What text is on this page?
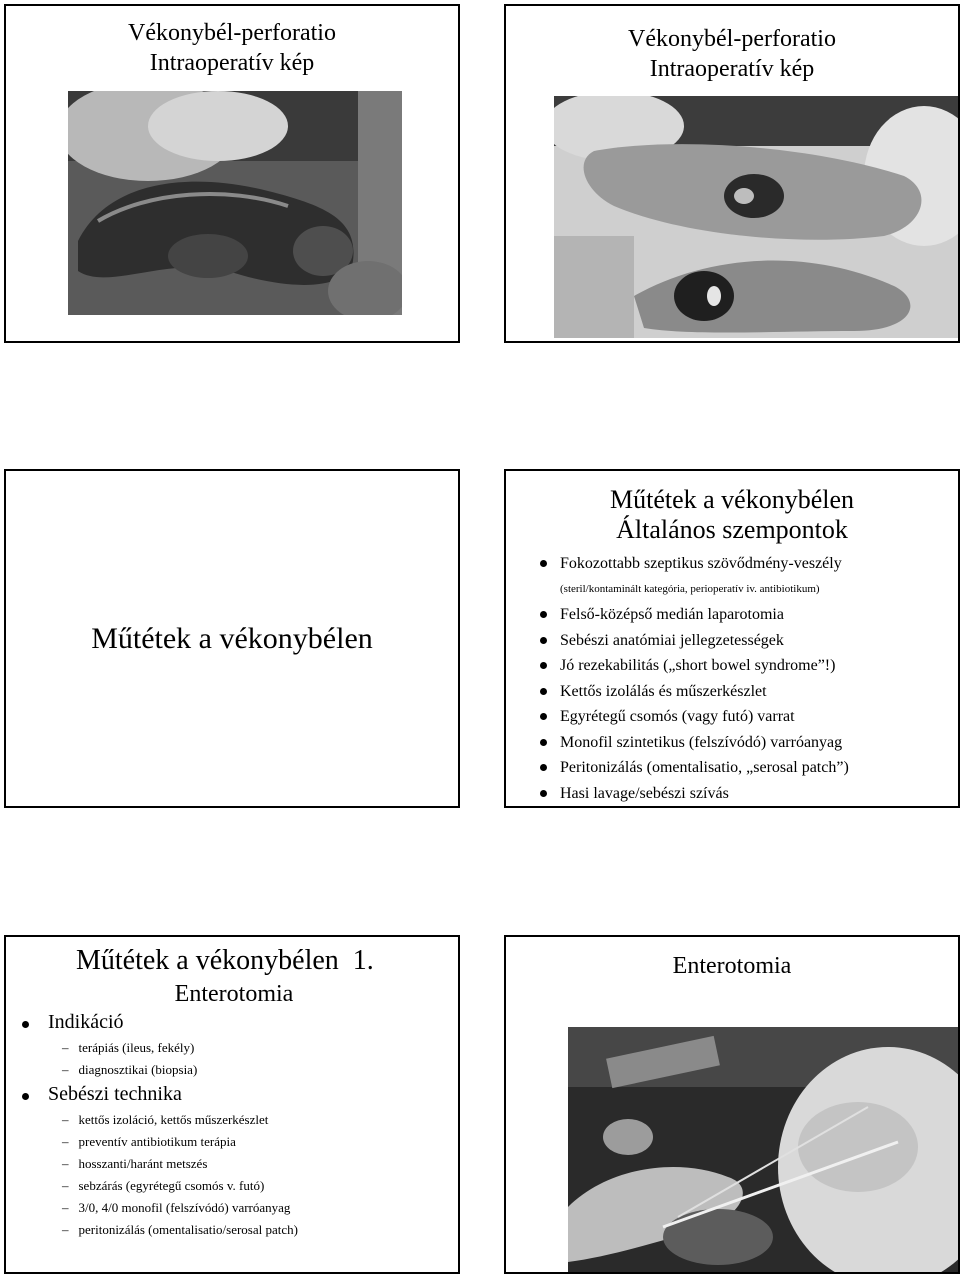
Vékonybél-perforatio
Intraoperatív kép
Vékonybél-perforatio
Intraoperatív kép
Műtétek a vékonybélen
Műtétek a vékonybélen
Általános szempontok
Fokozottabb szeptikus szövődmény-veszély
(steril/kontaminált kategória, perioperatív iv. antibiotikum)
Felső-középső medián laparotomia
Sebészi anatómiai jellegzetességek
Jó rezekabilitás („short bowel syndrome”!)
Kettős izolálás és műszerkészlet
Egyrétegű csomós (vagy futó) varrat
Monofil szintetikus (felszívódó) varróanyag
Peritonizálás (omentalisatio, „serosal patch”)
Hasi lavage/sebészi szívás
Műtétek a vékonybélen  1.
Enterotomia
Indikáció
– terápiás (ileus, fekély)
– diagnosztikai (biopsia)
Sebészi technika
– kettős izoláció, kettős műszerkészlet
– preventív antibiotikum terápia
– hosszanti/haránt metszés
– sebzárás (egyrétegű csomós v. futó)
– 3/0, 4/0 monofil (felszívódó) varróanyag
– peritonizálás (omentalisatio/serosal patch)
Enterotomia
